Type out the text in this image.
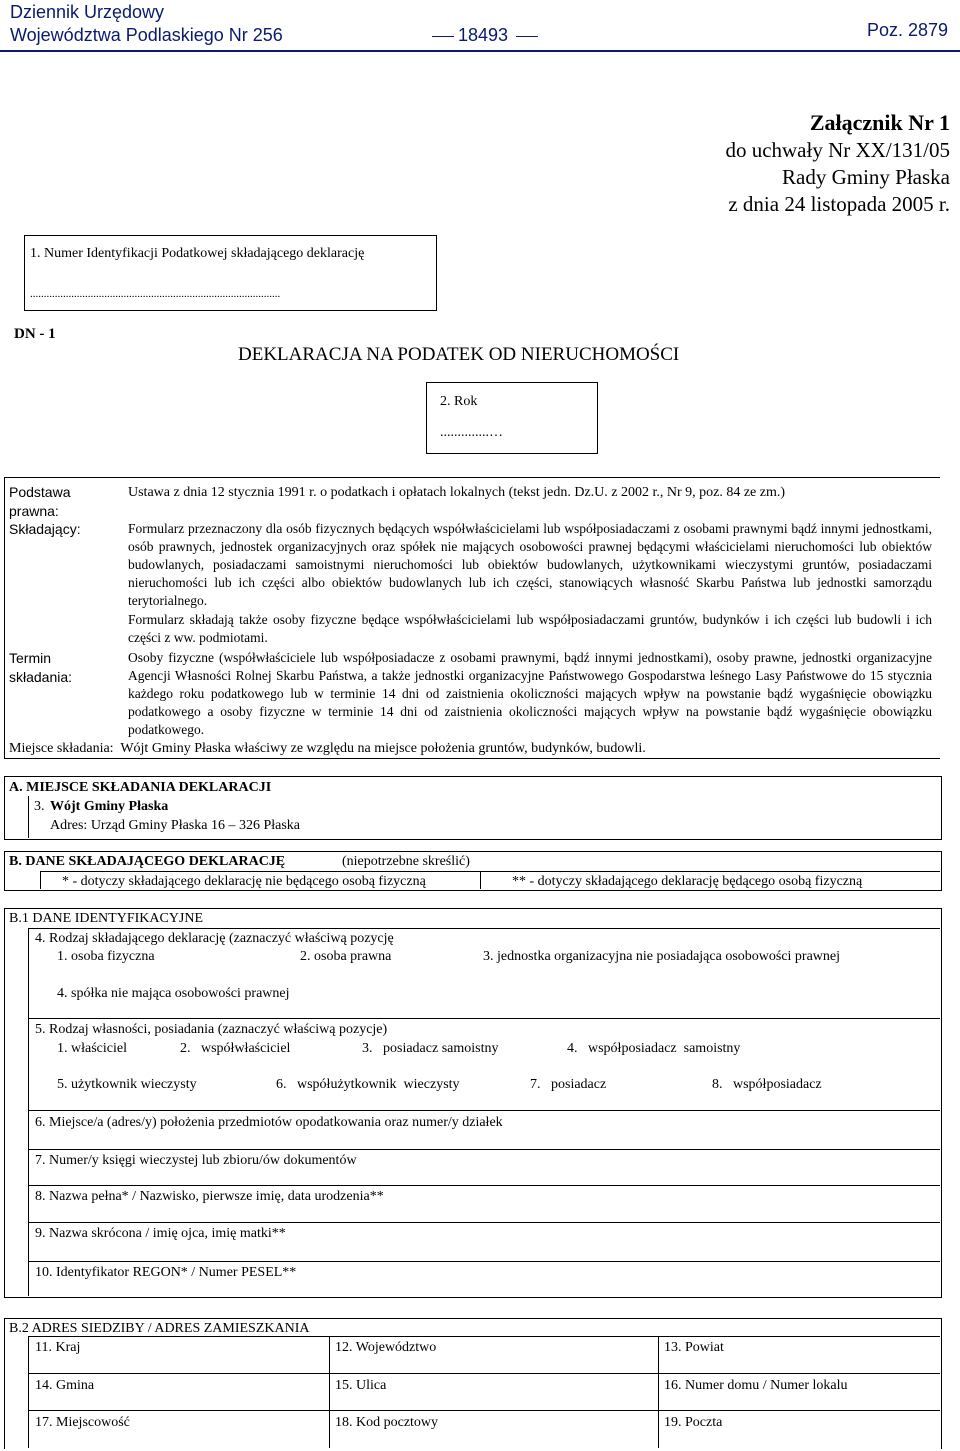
Dziennik Urzędowy
Województwa Podlaskiego Nr 256	18493	Poz. 2879
Załącznik Nr 1
do uchwały Nr XX/131/05
Rady Gminy Płaska
z dnia 24 listopada 2005 r.
1. Numer Identyfikacji Podatkowej składającego deklarację
...........................................................................................
DN - 1
DEKLARACJA NA PODATEK OD NIERUCHOMOŚCI
2. Rok
..............…
Podstawa
prawna:
Ustawa z dnia 12 stycznia 1991 r. o podatkach i opłatach lokalnych (tekst jedn. Dz.U. z 2002 r., Nr 9, poz. 84 ze zm.)
Składający:	Formularz przeznaczony dla osób fizycznych będących współwłaścicielami lub współposiadaczami z osobami prawnymi bądź innymi jednostkami, osób prawnych, jednostek organizacyjnych oraz spółek nie mających osobowości prawnej będącymi właścicielami nieruchomości lub obiektów budowlanych, posiadaczami samoistnymi nieruchomości lub obiektów budowlanych, użytkownikami wieczystymi gruntów, posiadaczami nieruchomości lub ich części albo obiektów budowlanych lub ich części, stanowiących własność Skarbu Państwa lub jednostki samorządu terytorialnego.
Formularz składają także osoby fizyczne będące współwłaścicielami lub współposiadaczami gruntów, budynków i ich części lub budowli i ich części z ww. podmiotami.
Termin
składania:
Osoby fizyczne (współwłaściciele lub współposiadacze z osobami prawnymi, bądź innymi jednostkami), osoby prawne, jednostki organizacyjne Agencji Własności Rolnej Skarbu Państwa, a także jednostki organizacyjne Państwowego Gospodarstwa leśnego Lasy Państwowe do 15 stycznia każdego roku podatkowego lub w terminie 14 dni od zaistnienia okoliczności mających wpływ na powstanie bądź wygaśnięcie obowiązku podatkowego a osoby fizyczne w terminie 14 dni od zaistnienia okoliczności mających wpływ na powstanie bądź wygaśnięcie obowiązku podatkowego.
Miejsce składania:  Wójt Gminy Płaska właściwy ze względu na miejsce położenia gruntów, budynków, budowli.
A. MIEJSCE SKŁADANIA DEKLARACJI
3. Wójt Gminy Płaska
Adres: Urząd Gminy Płaska 16 – 326 Płaska
B. DANE SKŁADAJĄCEGO DEKLARACJĘ	(niepotrzebne skreślić)
* - dotyczy składającego deklarację nie będącego osobą fizyczną	** - dotyczy składającego deklarację będącego osobą fizyczną
B.1 DANE IDENTYFIKACYJNE
4. Rodzaj składającego deklarację (zaznaczyć właściwą pozycję
1. osoba fizyczna	2. osoba prawna	3. jednostka organizacyjna nie posiadająca osobowości prawnej
4. spółka nie mająca osobowości prawnej
5. Rodzaj własności, posiadania (zaznaczyć właściwą pozycje)
1. właściciel	2.   współwłaściciel	3.   posiadacz samoistny	4.   współposiadacz  samoistny
5. użytkownik wieczysty	6.   współużytkownik  wieczysty	7.   posiadacz	8.   współposiadacz
6. Miejsce/a (adres/y) położenia przedmiotów opodatkowania oraz numer/y działek
7. Numer/y księgi wieczystej lub zbioru/ów dokumentów
8. Nazwa pełna* / Nazwisko, pierwsze imię, data urodzenia**
9. Nazwa skrócona / imię ojca, imię matki**
10. Identyfikator REGON* / Numer PESEL**
B.2 ADRES SIEDZIBY / ADRES ZAMIESZKANIA
11. Kraj	12. Województwo	13. Powiat
14. Gmina	15. Ulica	16. Numer domu / Numer lokalu
17. Miejscowość	18. Kod pocztowy	19. Poczta
